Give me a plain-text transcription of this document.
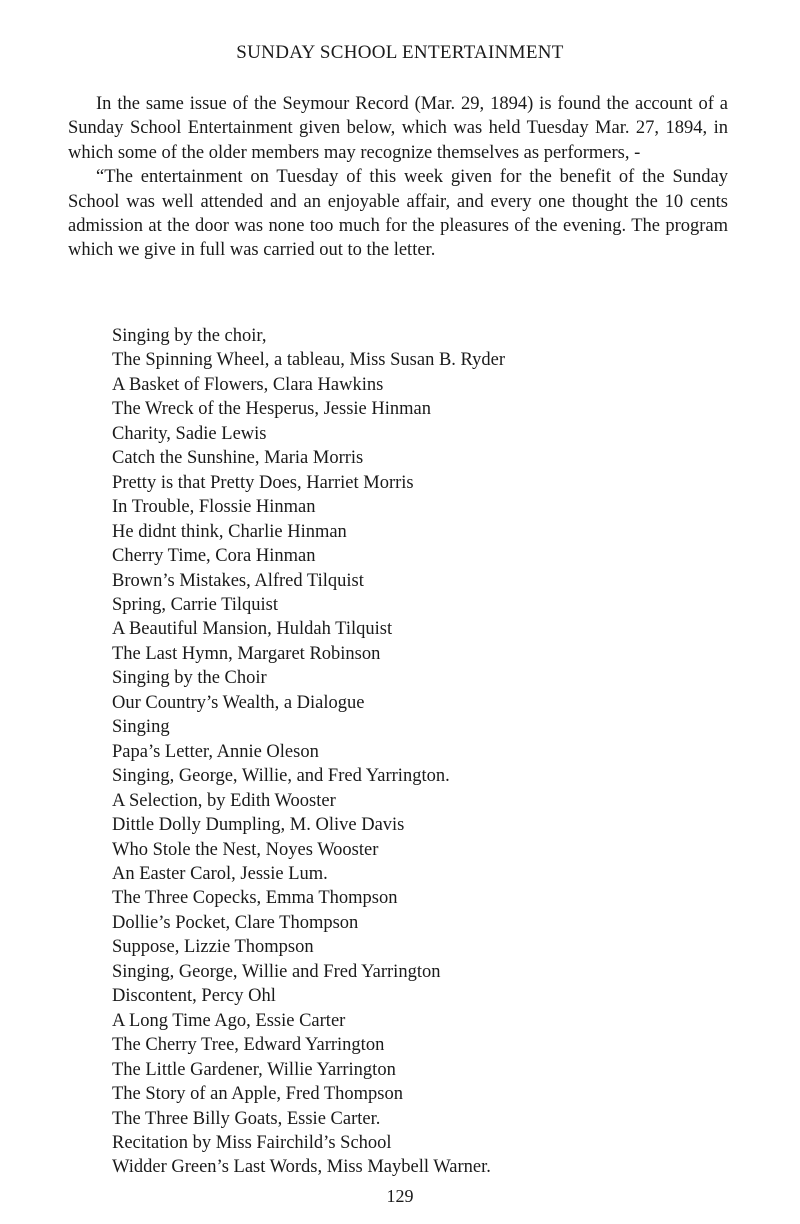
SUNDAY SCHOOL ENTERTAINMENT

In the same issue of the Seymour Record (Mar. 29, 1894) is found the account of a Sunday School Entertainment given below, which was held Tuesday Mar. 27, 1894, in which some of the older members may recognize themselves as performers, -

“The entertainment on Tuesday of this week given for the benefit of the Sunday School was well attended and an enjoyable affair, and every one thought the 10 cents admission at the door was none too much for the pleasures of the evening. The program which we give in full was carried out to the letter.

Singing by the choir,
The Spinning Wheel, a tableau, Miss Susan B. Ryder
A Basket of Flowers, Clara Hawkins
The Wreck of the Hesperus, Jessie Hinman
Charity, Sadie Lewis
Catch the Sunshine, Maria Morris
Pretty is that Pretty Does, Harriet Morris
In Trouble, Flossie Hinman
He didnt think, Charlie Hinman
Cherry Time, Cora Hinman
Brown’s Mistakes, Alfred Tilquist
Spring, Carrie Tilquist
A Beautiful Mansion, Huldah Tilquist
The Last Hymn, Margaret Robinson
Singing by the Choir
Our Country’s Wealth, a Dialogue
Singing
Papa’s Letter, Annie Oleson
Singing, George, Willie, and Fred Yarrington.
A Selection, by Edith Wooster
Dittle Dolly Dumpling, M. Olive Davis
Who Stole the Nest, Noyes Wooster
An Easter Carol, Jessie Lum.
The Three Copecks, Emma Thompson
Dollie’s Pocket, Clare Thompson
Suppose, Lizzie Thompson
Singing, George, Willie and Fred Yarrington
Discontent, Percy Ohl
A Long Time Ago, Essie Carter
The Cherry Tree, Edward Yarrington
The Little Gardener, Willie Yarrington
The Story of an Apple, Fred Thompson
The Three Billy Goats, Essie Carter.
Recitation by Miss Fairchild’s School
Widder Green’s Last Words, Miss Maybell Warner.
129
